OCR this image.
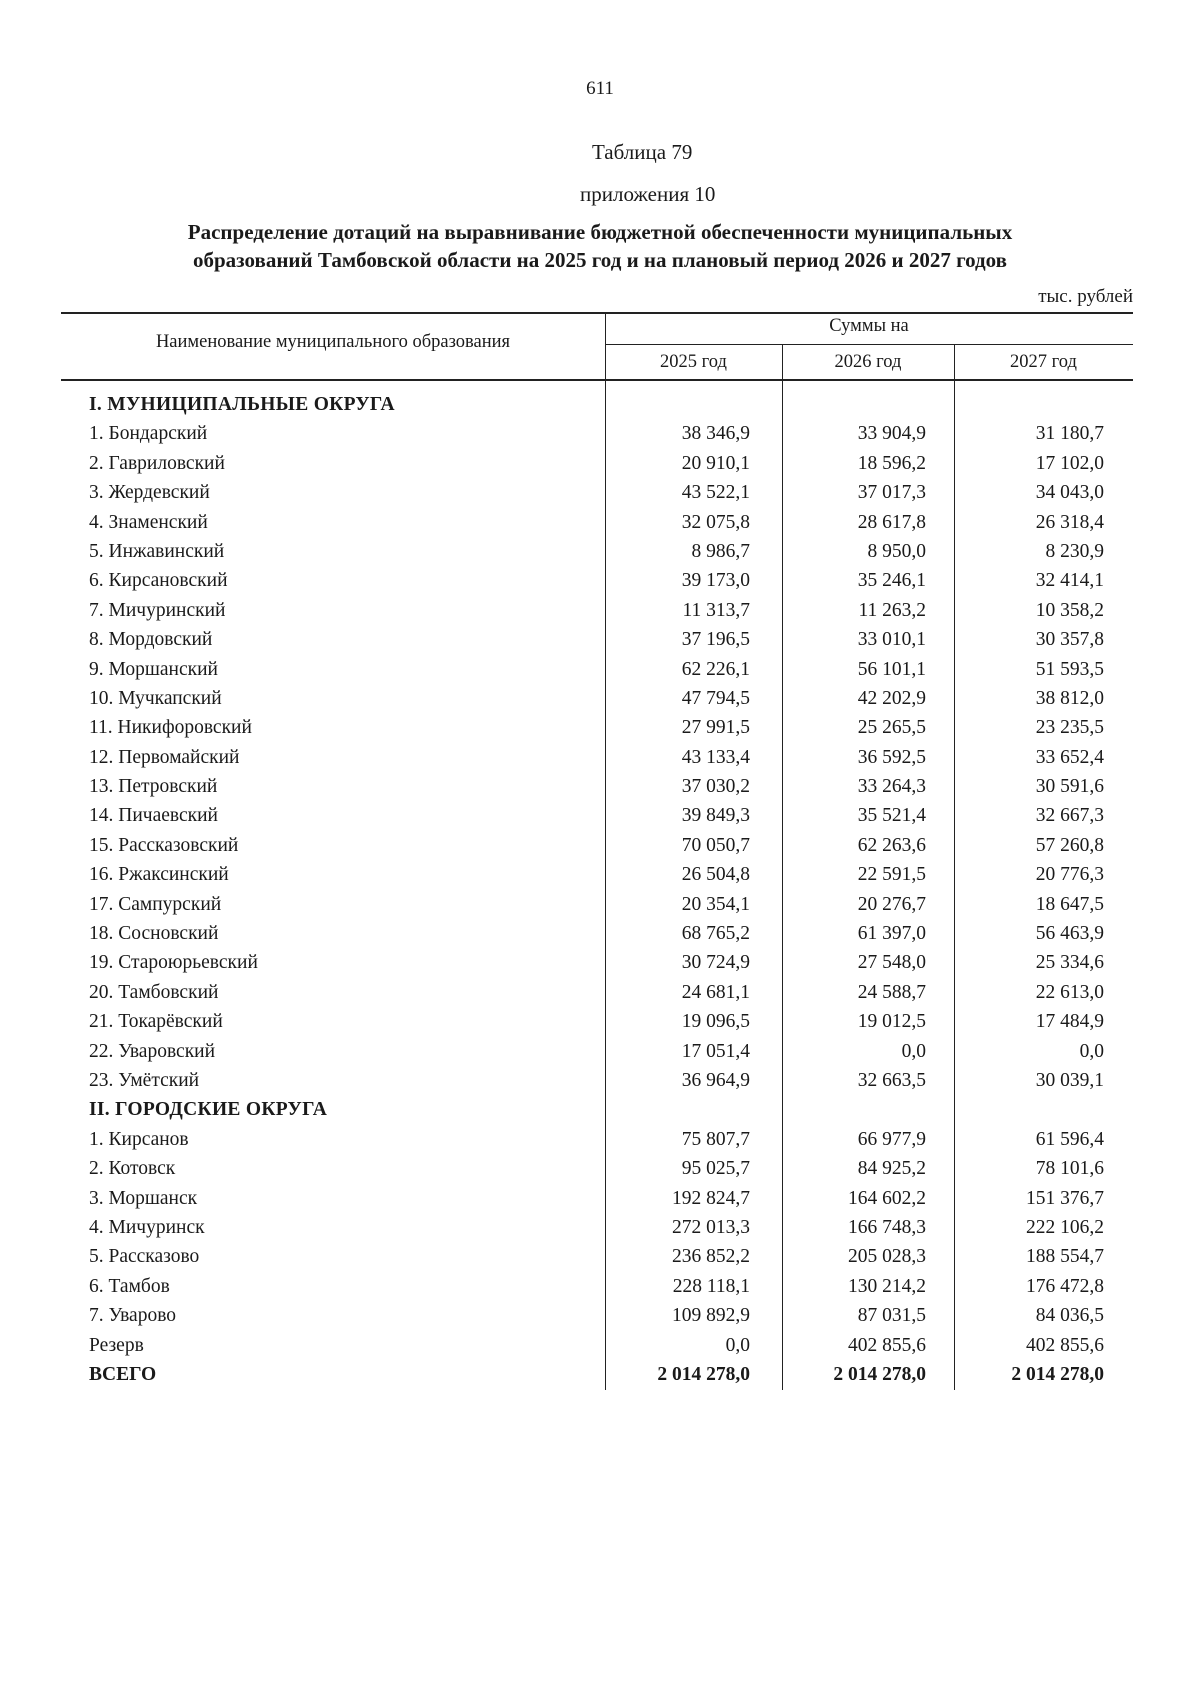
611
Таблица 79
приложения 10
Распределение дотаций на выравнивание бюджетной обеспеченности муниципальных
образований Тамбовской области на 2025 год и на плановый период 2026 и 2027 годов
тыс. рублей
Наименование муниципального образования
Суммы на
2025 год	2026 год	2027 год
I. МУНИЦИПАЛЬНЫЕ ОКРУГА
1. Бондарский	38 346,9	33 904,9	31 180,7
2. Гавриловский	20 910,1	18 596,2	17 102,0
3. Жердевский	43 522,1	37 017,3	34 043,0
4. Знаменский	32 075,8	28 617,8	26 318,4
5. Инжавинский	8 986,7	8 950,0	8 230,9
6. Кирсановский	39 173,0	35 246,1	32 414,1
7. Мичуринский	11 313,7	11 263,2	10 358,2
8. Мордовский	37 196,5	33 010,1	30 357,8
9. Моршанский	62 226,1	56 101,1	51 593,5
10. Мучкапский	47 794,5	42 202,9	38 812,0
11. Никифоровский	27 991,5	25 265,5	23 235,5
12. Первомайский	43 133,4	36 592,5	33 652,4
13. Петровский	37 030,2	33 264,3	30 591,6
14. Пичаевский	39 849,3	35 521,4	32 667,3
15. Рассказовский	70 050,7	62 263,6	57 260,8
16. Ржаксинский	26 504,8	22 591,5	20 776,3
17. Сампурский	20 354,1	20 276,7	18 647,5
18. Сосновский	68 765,2	61 397,0	56 463,9
19. Староюрьевский	30 724,9	27 548,0	25 334,6
20. Тамбовский	24 681,1	24 588,7	22 613,0
21. Токарёвский	19 096,5	19 012,5	17 484,9
22. Уваровский	17 051,4	0,0	0,0
23. Умётский	36 964,9	32 663,5	30 039,1
II. ГОРОДСКИЕ ОКРУГА
1. Кирсанов	75 807,7	66 977,9	61 596,4
2. Котовск	95 025,7	84 925,2	78 101,6
3. Моршанск	192 824,7	164 602,2	151 376,7
4. Мичуринск	272 013,3	166 748,3	222 106,2
5. Рассказово	236 852,2	205 028,3	188 554,7
6. Тамбов	228 118,1	130 214,2	176 472,8
7. Уварово	109 892,9	87 031,5	84 036,5
Резерв	0,0	402 855,6	402 855,6
ВСЕГО	2 014 278,0	2 014 278,0	2 014 278,0
